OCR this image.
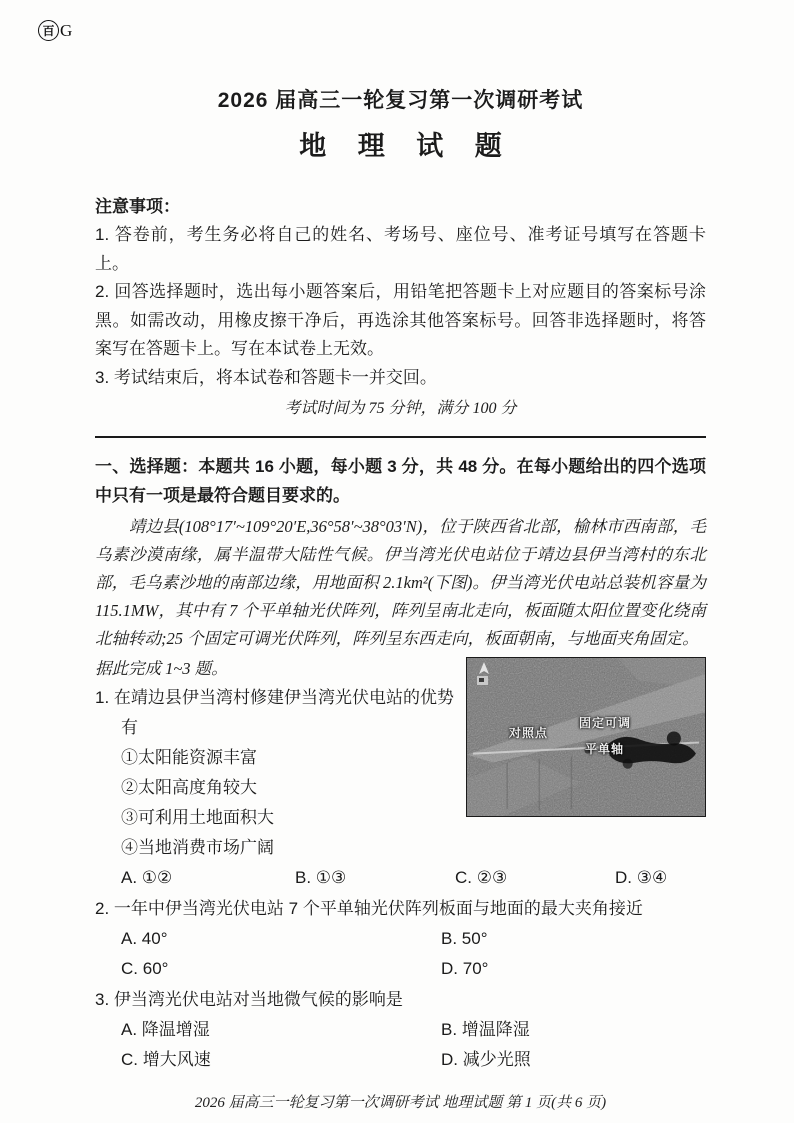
百 G
2026 届高三一轮复习第一次调研考试
地 理 试 题

注意事项：

1. 答卷前，考生务必将自己的姓名、考场号、座位号、准考证号填写在答题卡上。

2. 回答选择题时，选出每小题答案后，用铅笔把答题卡上对应题目的答案标号涂黑。如需改动，用橡皮擦干净后，再选涂其他答案标号。回答非选择题时，将答案写在答题卡上。写在本试卷上无效。

3. 考试结束后，将本试卷和答题卡一并交回。

考试时间为 75 分钟，满分 100 分

一、选择题：本题共 16 小题，每小题 3 分，共 48 分。在每小题给出的四个选项中只有一项是最符合题目要求的。

靖边县(108°17′~109°20′E,36°58′~38°03′N)，位于陕西省北部，榆林市西南部，毛乌素沙漠南缘，属半温带大陆性气候。伊当湾光伏电站位于靖边县伊当湾村的东北部，毛乌素沙地的南部边缘，用地面积 2.1km²(下图)。伊当湾光伏电站总装机容量为 115.1MW，其中有 7 个平单轴光伏阵列，阵列呈南北走向，板面随太阳位置变化绕南北轴转动;25 个固定可调光伏阵列，阵列呈东西走向，板面朝南，与地面夹角固定。

对照点
固定可调
平单轴

据此完成 1~3 题。

1. 在靖边县伊当湾村修建伊当湾光伏电站的优势有

①太阳能资源丰富

②太阳高度角较大

③可利用土地面积大

④当地消费市场广阔

A. ①②	B. ①③	C. ②③	D. ③④

2. 一年中伊当湾光伏电站 7 个平单轴光伏阵列板面与地面的最大夹角接近

A. 40°	B. 50°
C. 60°	D. 70°

3. 伊当湾光伏电站对当地微气候的影响是

A. 降温增湿	B. 增温降湿
C. 增大风速	D. 减少光照

2026 届高三一轮复习第一次调研考试 地理试题 第 1 页(共 6 页)
